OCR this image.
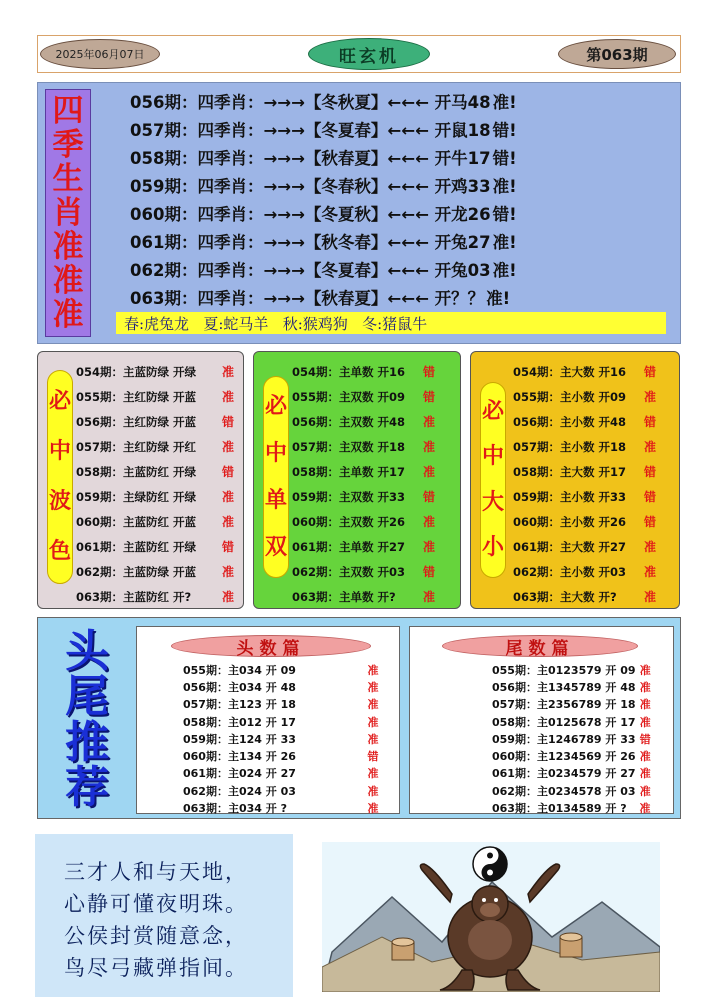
2025年06月07日	旺玄机	第063期
四
季
生
肖
准
准
准
056期：四季肖：→→→【冬秋夏】←←← 开马48 准!
057期：四季肖：→→→【冬夏春】←←← 开鼠18 错!
058期：四季肖：→→→【秋春夏】←←← 开牛17 错!
059期：四季肖：→→→【冬春秋】←←← 开鸡33 准!
060期：四季肖：→→→【冬夏秋】←←← 开龙26 错!
061期：四季肖：→→→【秋冬春】←←← 开兔27 准!
062期：四季肖：→→→【冬夏春】←←← 开兔03 准!
063期：四季肖：→→→【秋春夏】←←← 开？？ 准!
春:虎兔龙   夏:蛇马羊   秋:猴鸡狗   冬:猪鼠牛
必
中
波
色
054期：主蓝防绿 开绿	准
055期：主红防绿 开蓝	准
056期：主红防绿 开蓝	错
057期：主红防绿 开红	准
058期：主蓝防红 开绿	错
059期：主绿防红 开绿	准
060期：主蓝防红 开蓝	准
061期：主蓝防红 开绿	错
062期：主蓝防绿 开蓝	准
063期：主蓝防红 开?	准
必
中
单
双
054期：主单数 开16	错
055期：主双数 开09	错
056期：主双数 开48	准
057期：主双数 开18	准
058期：主单数 开17	准
059期：主双数 开33	错
060期：主双数 开26	准
061期：主单数 开27	准
062期：主双数 开03	错
063期：主单数 开?	准
必
中
大
小
054期：主大数 开16	错
055期：主小数 开09	准
056期：主小数 开48	错
057期：主小数 开18	准
058期：主大数 开17	错
059期：主小数 开33	错
060期：主小数 开26	错
061期：主大数 开27	准
062期：主小数 开03	准
063期：主大数 开?	准
头
尾
推
荐
头数篇
055期：主034 开 09	准
056期：主034 开 48	准
057期：主123 开 18	准
058期：主012 开 17	准
059期：主124 开 33	准
060期：主134 开 26	错
061期：主024 开 27	准
062期：主024 开 03	准
063期：主034 开 ?	准
尾数篇
055期：主0123579 开 09 准
056期：主1345789 开 48 准
057期：主2356789 开 18 准
058期：主0125678 开 17 准
059期：主1246789 开 33 错
060期：主1234569 开 26 准
061期：主0234579 开 27 准
062期：主0234578 开 03 准
063期：主0134589 开 ?	准
三才人和与天地，
心静可懂夜明珠。
公侯封赏随意念，
鸟尽弓藏弹指间。
